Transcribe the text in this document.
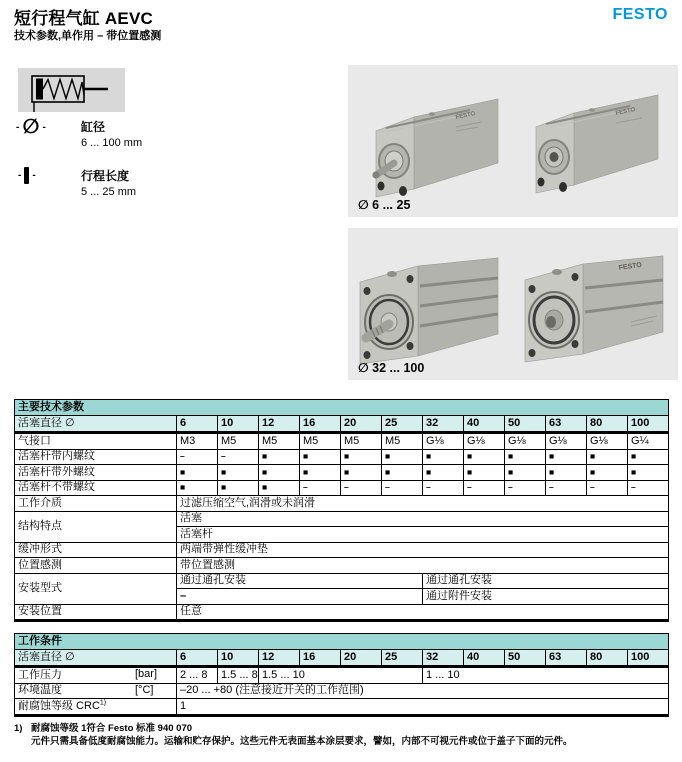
短行程气缸 AEVC
技术参数,单作用 – 带位置感测
FESTO
- ∅ -	缸径
6 ... 100 mm
- -	行程长度
5 ... 25 mm
FESTO	FESTO
∅ 6 ... 25
FESTO
∅ 32 ... 100
主要技术参数												
活塞直径 ∅	6	10	12	16	20	25	32	40	50	63	80	100
气接口	M3	M5	M5	M5	M5	M5	G⅛	G⅛	G⅛	G⅛	G⅛	G¼
活塞杆带内螺纹	–	–	■	■	■	■	■	■	■	■	■	■
活塞杆带外螺纹	■	■	■	■	■	■	■	■	■	■	■	■
活塞杆不带螺纹	■	■	■	–	–	–	–	–	–	–	–	–
工作介质	过滤压缩空气,润滑或未润滑											
结构特点	活塞											
	活塞杆											
缓冲形式	两端带弹性缓冲垫											
位置感测	带位置感测											
安装型式	通过通孔安装						通过通孔安装					
	–						通过附件安装					
安装位置	任意											
工作条件												
活塞直径 ∅	6	10	12	16	20	25	32	40	50	63	80	100
工作压力 [bar]	2 ... 8	1.5 ... 8	1.5 ... 10				1 ... 10					
环境温度 [°C]	–20 ... +80 (注意接近开关的工作范围)											
耐腐蚀等级 CRC$^{1)}$	1											
1) 耐腐蚀等级 1符合 Festo 标准 940 070
元件只需具备低度耐腐蚀能力。运输和贮存保护。这些元件无表面基本涂层要求，譬如，内部不可视元件或位于盖子下面的元件。
